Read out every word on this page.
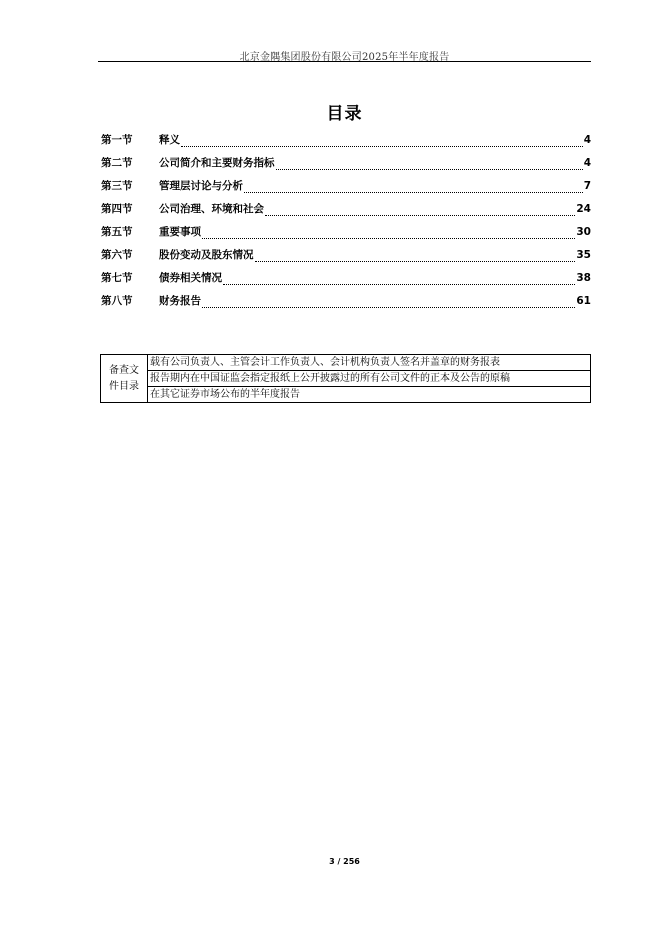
北京金隅集团股份有限公司2025年半年度报告
目录
第一节	释义	4
第二节	公司简介和主要财务指标	4
第三节	管理层讨论与分析	7
第四节	公司治理、环境和社会	24
第五节	重要事项	30
第六节	股份变动及股东情况	35
第七节	债券相关情况	38
第八节	财务报告	61
备查文
件目录
	载有公司负责人、主管会计工作负责人、会计机构负责人签名并盖章的财务报表
报告期内在中国证监会指定报纸上公开披露过的所有公司文件的正本及公告的原稿
在其它证券市场公布的半年度报告
3 / 256
